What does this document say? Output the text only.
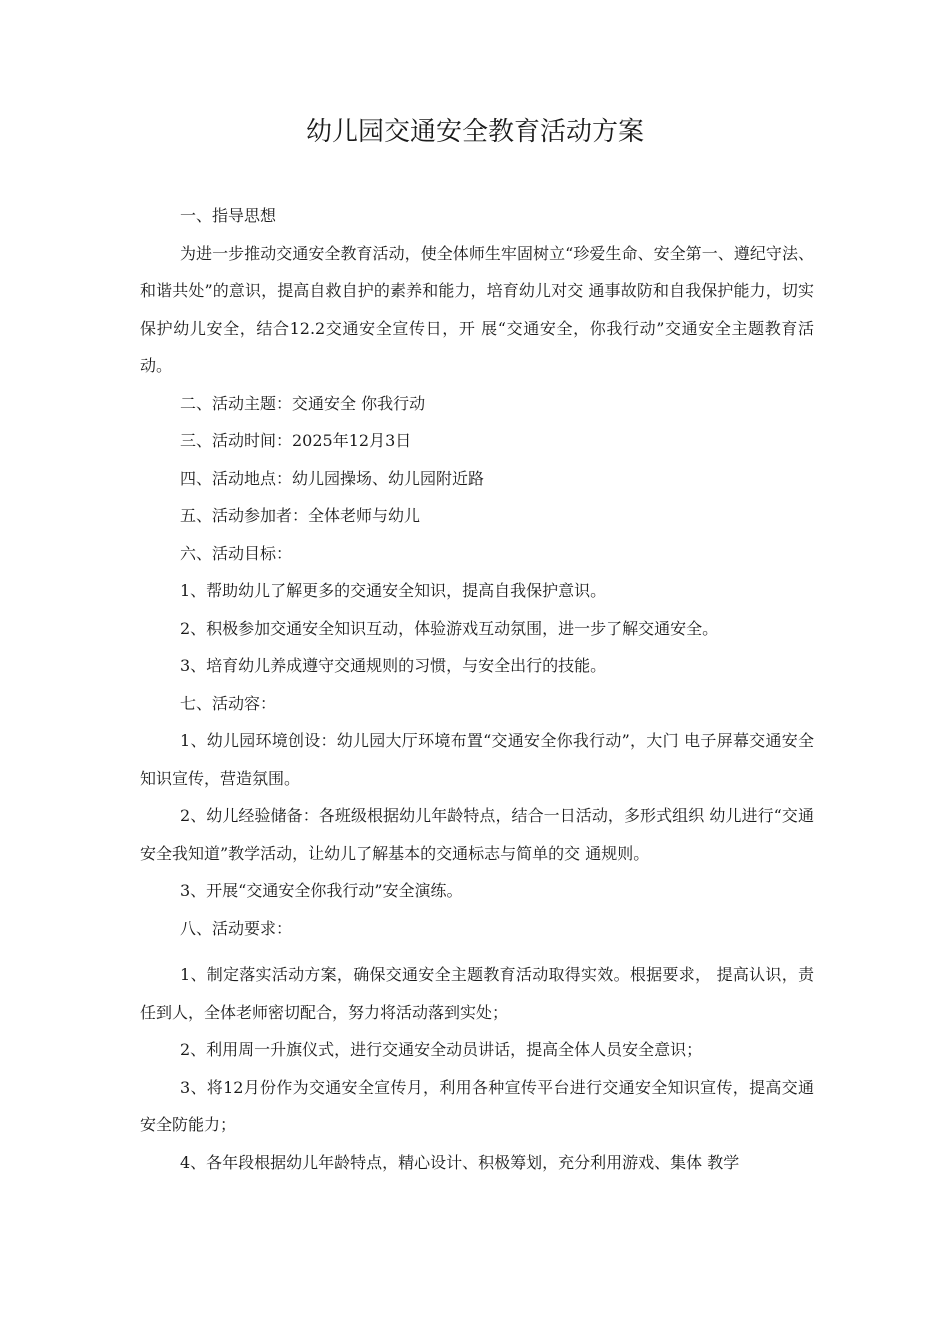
幼儿园交通安全教育活动方案

一、指导思想

为进一步推动交通安全教育活动，使全体师生牢固树立“珍爱生命、安全第一、遵纪守法、和谐共处”的意识，提高自救自护的素养和能力，培育幼儿对交 通事故防和自我保护能力，切实保护幼儿安全，结合12.2交通安全宣传日，开 展“交通安全，你我行动”交通安全主题教育活动。

二、活动主题：交通安全 你我行动

三、活动时间：2025年12月3日

四、活动地点：幼儿园操场、幼儿园附近路

五、活动参加者：全体老师与幼儿

六、活动目标：

1、帮助幼儿了解更多的交通安全知识，提高自我保护意识。

2、积极参加交通安全知识互动，体验游戏互动氛围，进一步了解交通安全。

3、培育幼儿养成遵守交通规则的习惯，与安全出行的技能。

七、活动容：

1、幼儿园环境创设：幼儿园大厅环境布置“交通安全你我行动”，大门 电子屏幕交通安全知识宣传，营造氛围。

2、幼儿经验储备：各班级根据幼儿年龄特点，结合一日活动，多形式组织 幼儿进行“交通安全我知道”教学活动，让幼儿了解基本的交通标志与简单的交 通规则。

3、开展“交通安全你我行动”安全演练。

八、活动要求：

1、制定落实活动方案，确保交通安全主题教育活动取得实效。根据要求， 提高认识，责任到人，全体老师密切配合，努力将活动落到实处；

2、利用周一升旗仪式，进行交通安全动员讲话，提高全体人员安全意识；

3、将12月份作为交通安全宣传月，利用各种宣传平台进行交通安全知识宣传，提高交通安全防能力；

4、各年段根据幼儿年龄特点，精心设计、积极筹划，充分利用游戏、集体 教学
